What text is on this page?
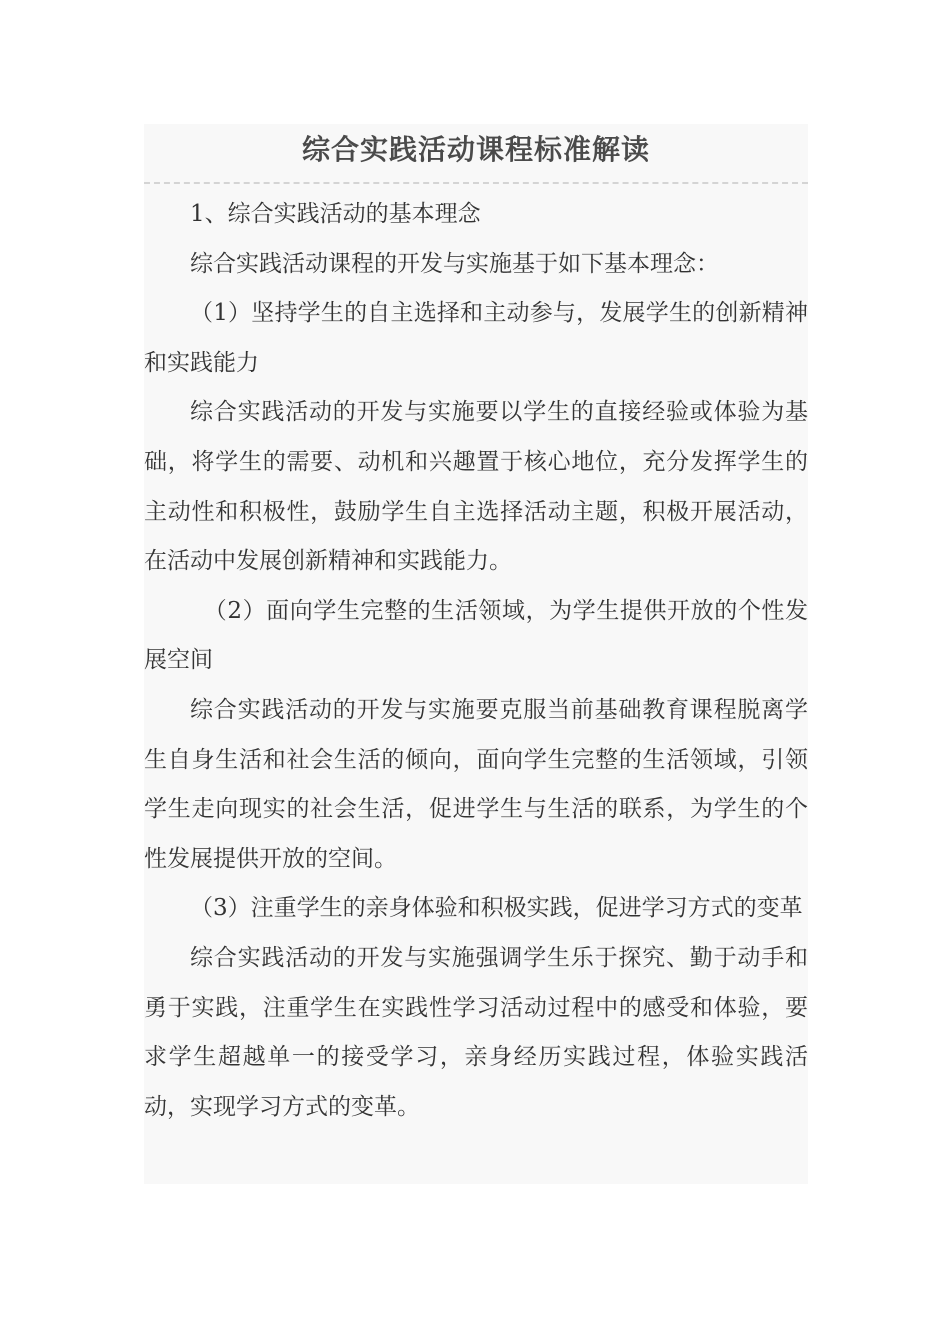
综合实践活动课程标准解读

1、综合实践活动的基本理念

综合实践活动课程的开发与实施基于如下基本理念：

（1）坚持学生的自主选择和主动参与，发展学生的创新精神和实践能力

综合实践活动的开发与实施要以学生的直接经验或体验为基础，将学生的需要、动机和兴趣置于核心地位，充分发挥学生的主动性和积极性，鼓励学生自主选择活动主题，积极开展活动，在活动中发展创新精神和实践能力。

（2）面向学生完整的生活领域，为学生提供开放的个性发展空间

综合实践活动的开发与实施要克服当前基础教育课程脱离学生自身生活和社会生活的倾向，面向学生完整的生活领域，引领学生走向现实的社会生活，促进学生与生活的联系，为学生的个性发展提供开放的空间。

（3）注重学生的亲身体验和积极实践，促进学习方式的变革

综合实践活动的开发与实施强调学生乐于探究、勤于动手和勇于实践，注重学生在实践性学习活动过程中的感受和体验，要求学生超越单一的接受学习，亲身经历实践过程，体验实践活动，实现学习方式的变革。
